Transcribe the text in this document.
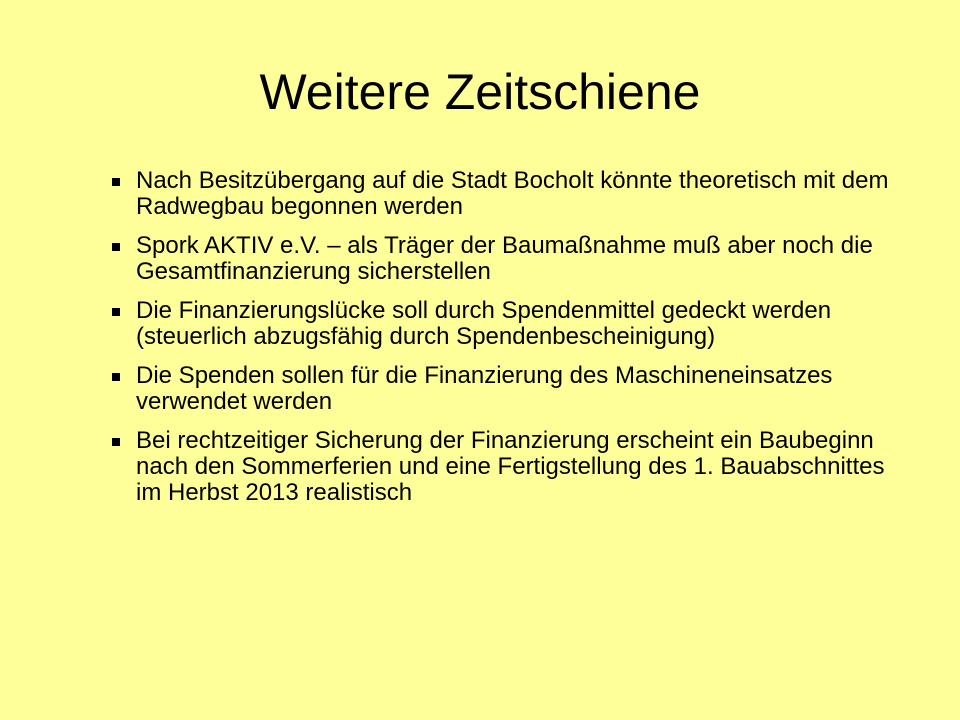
Weitere Zeitschiene
Nach Besitzübergang auf die Stadt Bocholt könnte theoretisch mit dem Radwegbau begonnen werden
Spork AKTIV e.V. – als Träger der Baumaßnahme muß aber noch die Gesamtfinanzierung sicherstellen
Die Finanzierungslücke soll durch Spendenmittel gedeckt werden (steuerlich abzugsfähig durch Spendenbescheinigung)
Die Spenden sollen für die Finanzierung des Maschineneinsatzes verwendet werden
Bei rechtzeitiger Sicherung der Finanzierung erscheint ein Baubeginn nach den Sommerferien und eine Fertigstellung des 1. Bauabschnittes im Herbst 2013 realistisch
